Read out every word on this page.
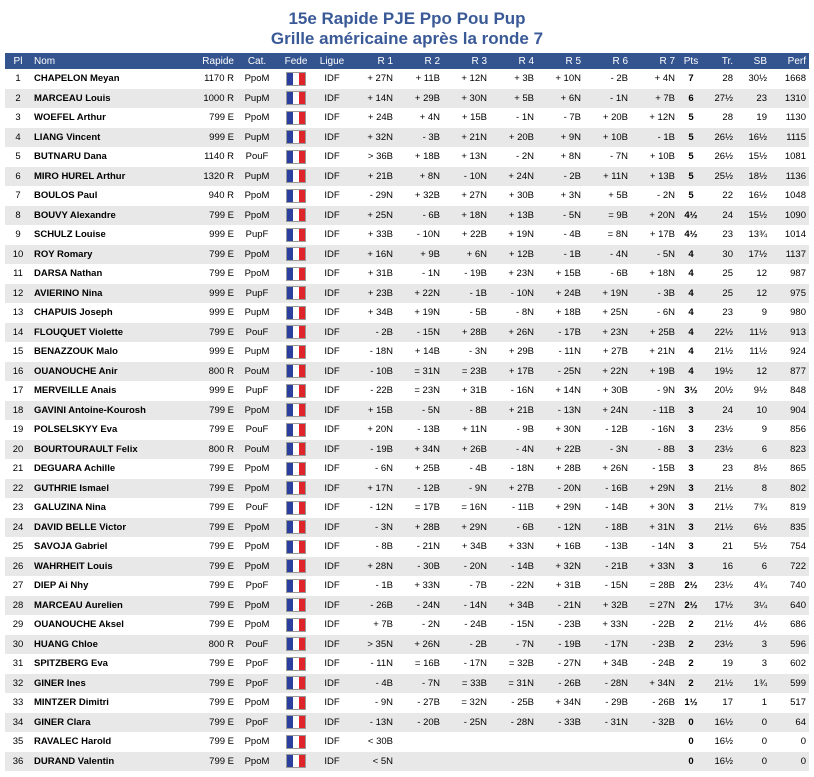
15e Rapide PJE Ppo Pou Pup
Grille américaine après la ronde 7
Pl	Nom	Rapide	Cat.	Fede	Ligue	R 1	R 2	R 3	R 4	R 5	R 6	R 7	Pts	Tr.	SB	Perf
1	CHAPELON Meyan	1170 R	PpoM		IDF	+ 27N	+ 11B	+ 12N	+ 3B	+ 10N	- 2B	+ 4N	7	28	30½	1668
2	MARCEAU Louis	1000 R	PupM		IDF	+ 14N	+ 29B	+ 30N	+ 5B	+ 6N	- 1N	+ 7B	6	27½	23	1310
3	WOEFEL Arthur	799 E	PpoM		IDF	+ 24B	+ 4N	+ 15B	- 1N	- 7B	+ 20B	+ 12N	5	28	19	1130
4	LIANG Vincent	999 E	PupM		IDF	+ 32N	- 3B	+ 21N	+ 20B	+ 9N	+ 10B	- 1B	5	26½	16½	1115
5	BUTNARU Dana	1140 R	PouF		IDF	> 36B	+ 18B	+ 13N	- 2N	+ 8N	- 7N	+ 10B	5	26½	15½	1081
6	MIRO HUREL Arthur	1320 R	PupM		IDF	+ 21B	+ 8N	- 10N	+ 24N	- 2B	+ 11N	+ 13B	5	25½	18½	1136
7	BOULOS Paul	940 R	PpoM		IDF	- 29N	+ 32B	+ 27N	+ 30B	+ 3N	+ 5B	- 2N	5	22	16½	1048
8	BOUVY Alexandre	799 E	PpoM		IDF	+ 25N	- 6B	+ 18N	+ 13B	- 5N	= 9B	+ 20N	4½	24	15½	1090
9	SCHULZ Louise	999 E	PupF		IDF	+ 33B	- 10N	+ 22B	+ 19N	- 4B	= 8N	+ 17B	4½	23	13¾	1014
10	ROY Romary	799 E	PpoM		IDF	+ 16N	+ 9B	+ 6N	+ 12B	- 1B	- 4N	- 5N	4	30	17½	1137
11	DARSA Nathan	799 E	PpoM		IDF	+ 31B	- 1N	- 19B	+ 23N	+ 15B	- 6B	+ 18N	4	25	12	987
12	AVIERINO Nina	999 E	PupF		IDF	+ 23B	+ 22N	- 1B	- 10N	+ 24B	+ 19N	- 3B	4	25	12	975
13	CHAPUIS Joseph	999 E	PupM		IDF	+ 34B	+ 19N	- 5B	- 8N	+ 18B	+ 25N	- 6N	4	23	9	980
14	FLOUQUET Violette	799 E	PouF		IDF	- 2B	- 15N	+ 28B	+ 26N	- 17B	+ 23N	+ 25B	4	22½	11½	913
15	BENAZZOUK Malo	999 E	PupM		IDF	- 18N	+ 14B	- 3N	+ 29B	- 11N	+ 27B	+ 21N	4	21½	11½	924
16	OUANOUCHE Anir	800 R	PouM		IDF	- 10B	= 31N	= 23B	+ 17B	- 25N	+ 22N	+ 19B	4	19½	12	877
17	MERVEILLE Anais	999 E	PupF		IDF	- 22B	= 23N	+ 31B	- 16N	+ 14N	+ 30B	- 9N	3½	20½	9½	848
18	GAVINI Antoine-Kourosh	799 E	PpoM		IDF	+ 15B	- 5N	- 8B	+ 21B	- 13N	+ 24N	- 11B	3	24	10	904
19	POLSELSKYY Eva	799 E	PouF		IDF	+ 20N	- 13B	+ 11N	- 9B	+ 30N	- 12B	- 16N	3	23½	9	856
20	BOURTOURAULT Felix	800 R	PouM		IDF	- 19B	+ 34N	+ 26B	- 4N	+ 22B	- 3N	- 8B	3	23½	6	823
21	DEGUARA Achille	799 E	PpoM		IDF	- 6N	+ 25B	- 4B	- 18N	+ 28B	+ 26N	- 15B	3	23	8½	865
22	GUTHRIE Ismael	799 E	PpoM		IDF	+ 17N	- 12B	- 9N	+ 27B	- 20N	- 16B	+ 29N	3	21½	8	802
23	GALUZINA Nina	799 E	PouF		IDF	- 12N	= 17B	= 16N	- 11B	+ 29N	- 14B	+ 30N	3	21½	7¾	819
24	DAVID BELLE Victor	799 E	PpoM		IDF	- 3N	+ 28B	+ 29N	- 6B	- 12N	- 18B	+ 31N	3	21½	6½	835
25	SAVOJA Gabriel	799 E	PpoM		IDF	- 8B	- 21N	+ 34B	+ 33N	+ 16B	- 13B	- 14N	3	21	5½	754
26	WAHRHEIT Louis	799 E	PpoM		IDF	+ 28N	- 30B	- 20N	- 14B	+ 32N	- 21B	+ 33N	3	16	6	722
27	DIEP Ai Nhy	799 E	PpoF		IDF	- 1B	+ 33N	- 7B	- 22N	+ 31B	- 15N	= 28B	2½	23½	4¾	740
28	MARCEAU Aurelien	799 E	PpoM		IDF	- 26B	- 24N	- 14N	+ 34B	- 21N	+ 32B	= 27N	2½	17½	3¼	640
29	OUANOUCHE Aksel	799 E	PpoM		IDF	+ 7B	- 2N	- 24B	- 15N	- 23B	+ 33N	- 22B	2	21½	4½	686
30	HUANG Chloe	800 R	PouF		IDF	> 35N	+ 26N	- 2B	- 7N	- 19B	- 17N	- 23B	2	23½	3	596
31	SPITZBERG Eva	799 E	PpoF		IDF	- 11N	= 16B	- 17N	= 32B	- 27N	+ 34B	- 24B	2	19	3	602
32	GINER Ines	799 E	PpoF		IDF	- 4B	- 7N	= 33B	= 31N	- 26B	- 28N	+ 34N	2	21½	1¾	599
33	MINTZER Dimitri	799 E	PpoM		IDF	- 9N	- 27B	= 32N	- 25B	+ 34N	- 29B	- 26B	1½	17	1	517
34	GINER Clara	799 E	PpoF		IDF	- 13N	- 20B	- 25N	- 28N	- 33B	- 31N	- 32B	0	16½	0	64
35	RAVALEC Harold	799 E	PpoM		IDF	< 30B							0	16½	0	0
36	DURAND Valentin	799 E	PpoM		IDF	< 5N							0	16½	0	0
